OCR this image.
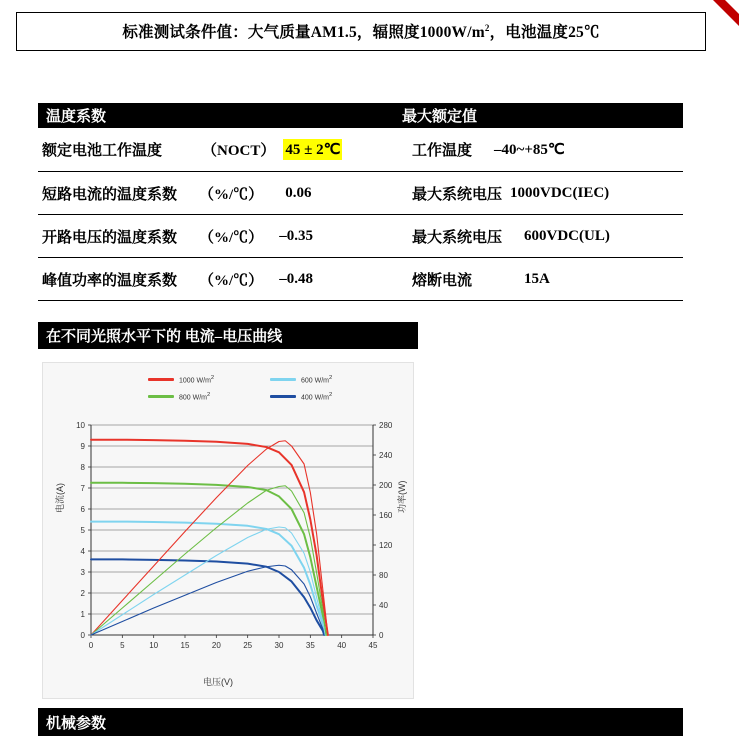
标准测试条件值：大气质量AM1.5，辐照度$1000W/m^2$，电池温度25℃
温度系数	最大额定值
额定电池工作温度	（NOCT） 45 ± 2℃	工作温度 –40~+85℃
短路电流的温度系数 （%/℃） 0.06	最大系统电压 1000VDC(IEC)
开路电压的温度系数 （%/℃） –0.35	最大系统电压 600VDC(UL)
峰值功率的温度系数 （%/℃） –0.48	熔断电流	15A
在不同光照水平下的 电流–电压曲线
1000 $W/m^2$	600 $W/m^2$
800 $W/m^2$	400 $W/m^2$
0
1
2
3
4
5
6
7
8
9
10
0
40
80
120
160
200
240
280
0	5	10	15	20	25	30	35	40	45
电流(A)	功率(W)
电压(V)
机械参数
